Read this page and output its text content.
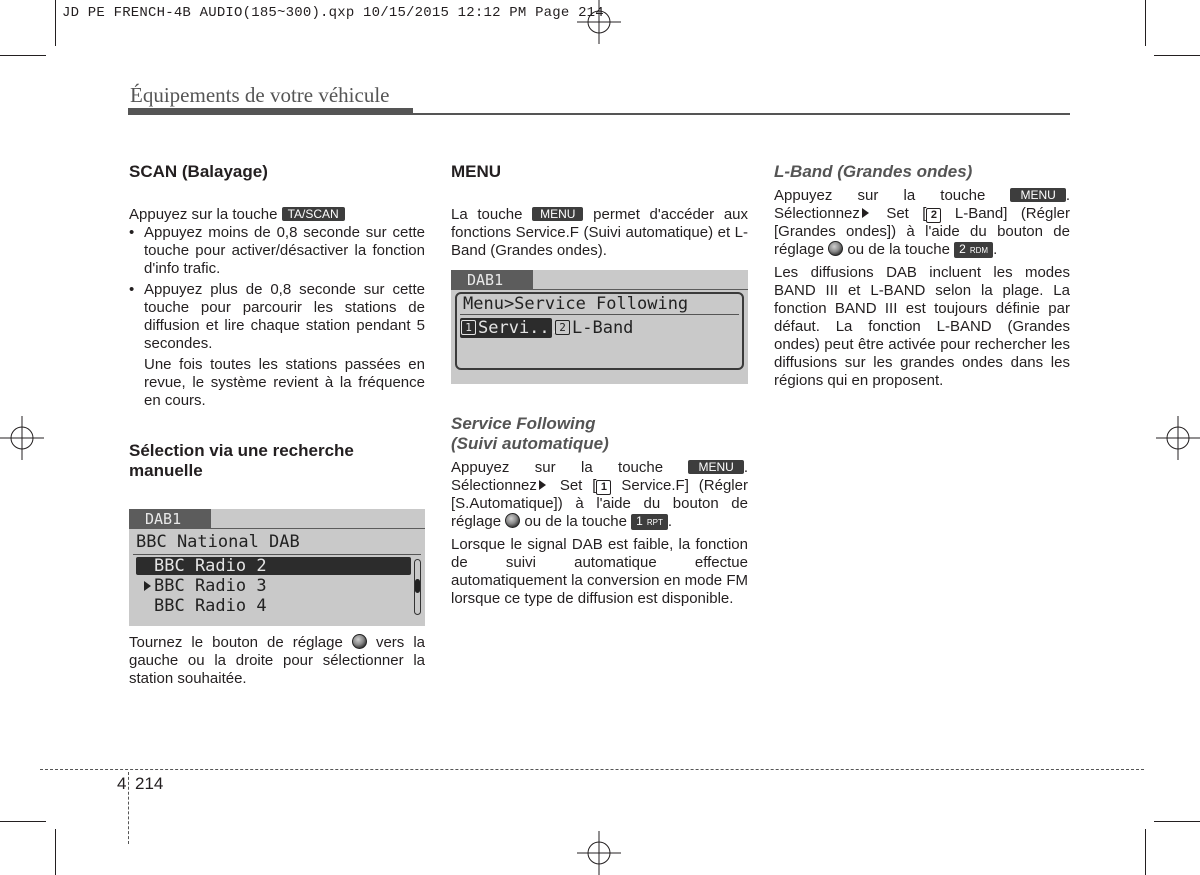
JD PE FRENCH-4B AUDIO(185~300).qxp 10/15/2015 12:12 PM Page 214
Équipements de votre véhicule

SCAN (Balayage)

Appuyez sur la touche TA/SCAN

• Appuyez moins de 0,8 seconde sur cette touche pour activer/désactiver la fonction d'info trafic.
• Appuyez plus de 0,8 seconde sur cette touche pour parcourir les stations de diffusion et lire chaque station pendant 5 secondes.

Une fois toutes les stations passées en revue, le système revient à la fréquence en cours.

Sélection via une recherche manuelle

DAB1
BBC National DAB
BBC Radio 2
BBC Radio 3
BBC Radio 4

Tournez le bouton de réglage vers la gauche ou la droite pour sélectionner la station souhaitée.

MENU

La touche MENU permet d'accéder aux fonctions Service.F (Suivi automatique) et L-Band (Grandes ondes).

DAB1
Menu>Service Following
1 Servi... 2 L-Band

Service Following

(Suivi automatique)

Appuyez sur la touche	MENU .

Sélectionnez Set [ 1 Service.F] (Régler [S.Automatique]) à l'aide du bouton de réglage ou de la touche 1 RPT .

Lorsque le signal DAB est faible, la fonction de suivi automatique effectue automatiquement la conversion en mode FM lorsque ce type de diffusion est disponible.

L-Band (Grandes ondes)

Appuyez sur la touche	MENU .

Sélectionnez Set [ 2 L-Band] (Régler [Grandes ondes]) à l'aide du bouton de réglage ou de la touche 2 RDM .

Les diffusions DAB incluent les modes BAND III et L-BAND selon la plage. La fonction BAND III est toujours définie par défaut. La fonction L-BAND (Grandes ondes) peut être activée pour rechercher les diffusions sur les grandes ondes dans les régions qui en proposent.

4 214
